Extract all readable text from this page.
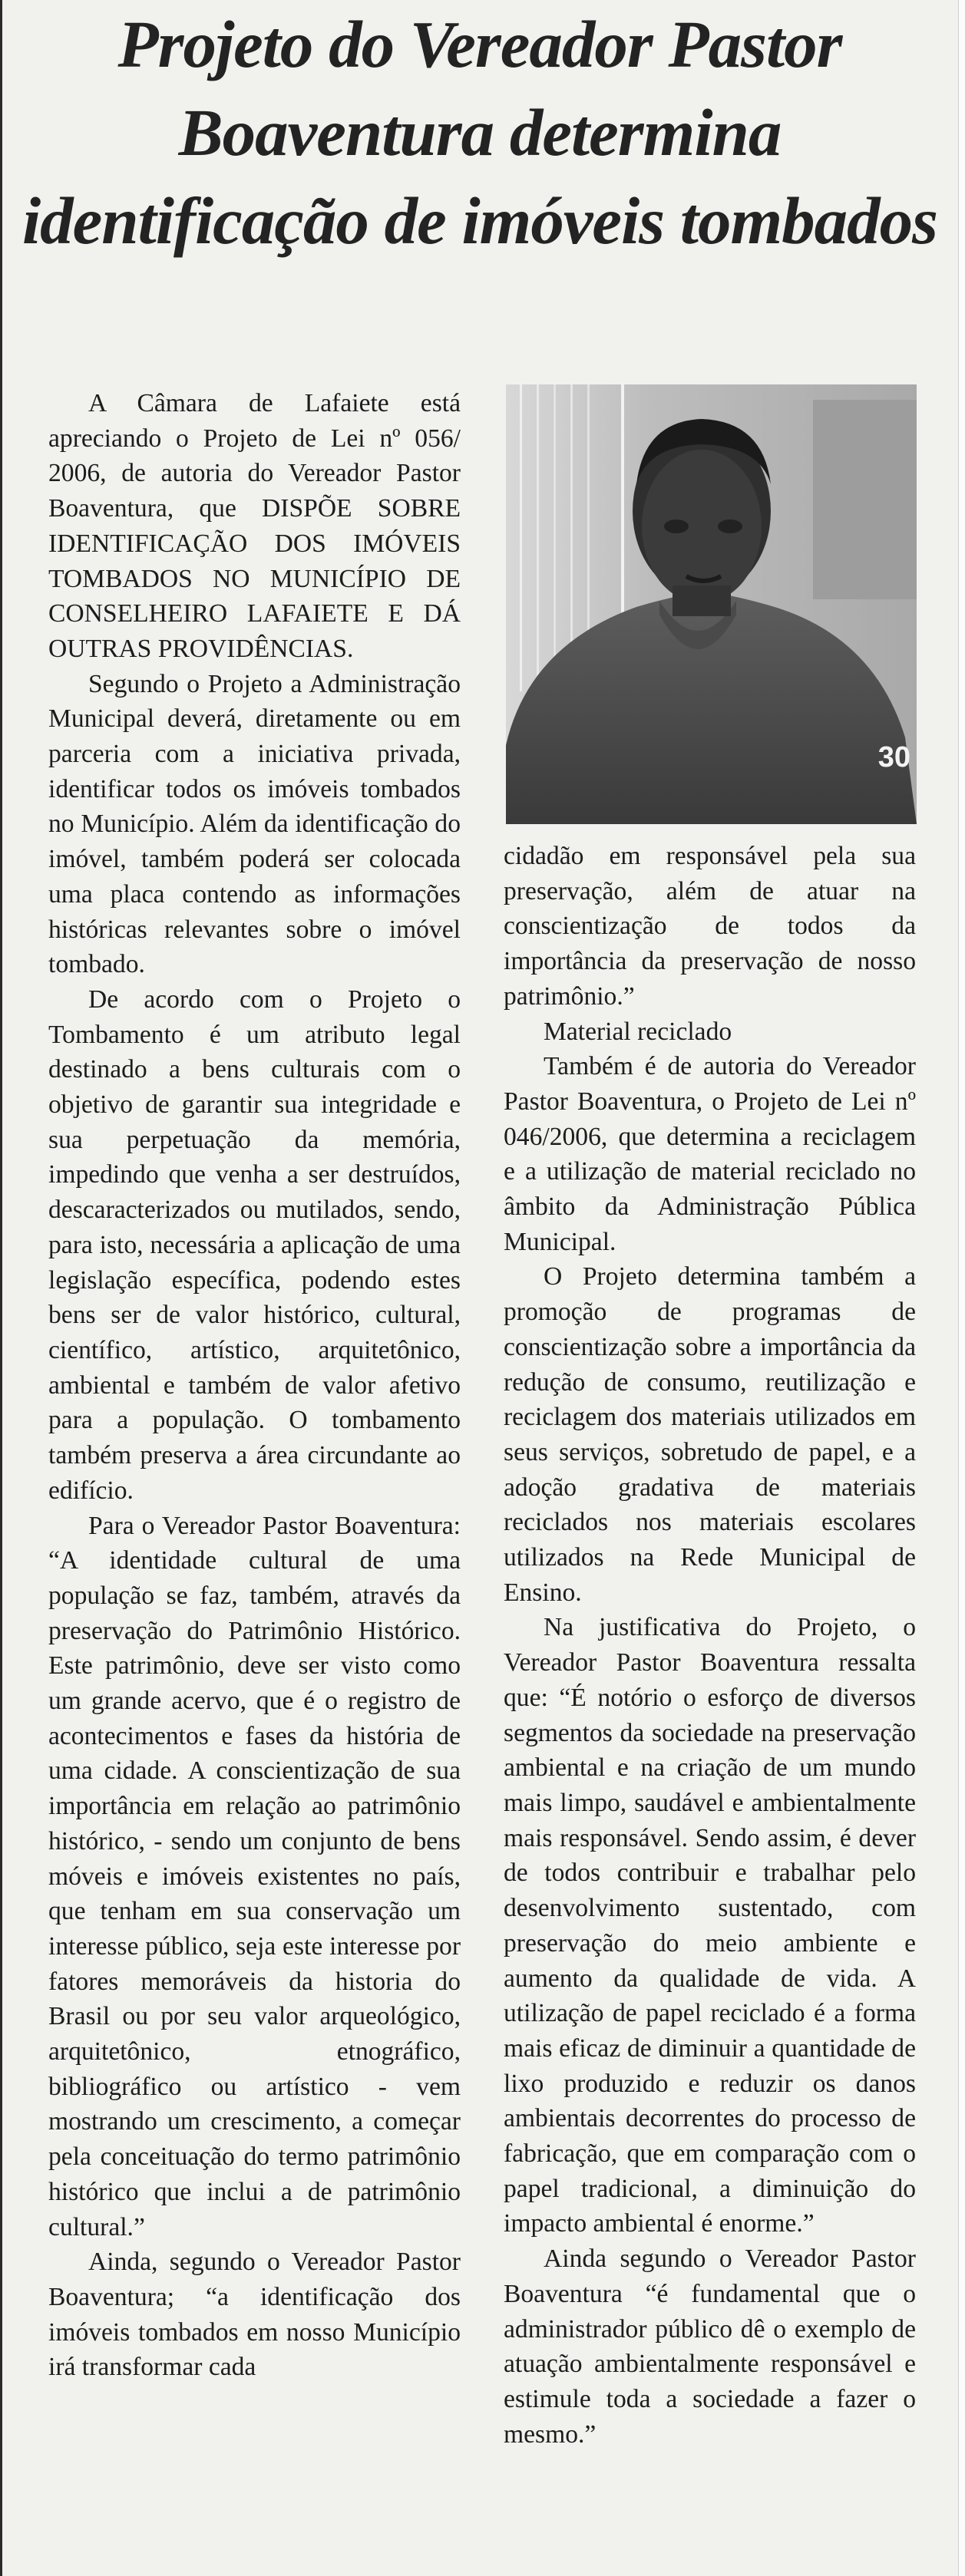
Projeto do Vereador Pastor Boaventura determina identificação de imóveis tombados
30

A Câmara de Lafaiete está apreciando o Projeto de Lei nº 056/ 2006, de autoria do Vereador Pastor Boaventura, que DISPÕE SOBRE IDENTIFICAÇÃO DOS IMÓVEIS TOMBADOS NO MUNICÍPIO DE CONSELHEIRO LAFAIETE E DÁ OUTRAS PROVIDÊNCIAS.

Segundo o Projeto a Administração Municipal deverá, diretamente ou em parceria com a iniciativa privada, identificar todos os imóveis tombados no Município. Além da identificação do imóvel, também poderá ser colocada uma placa contendo as informações históricas relevantes sobre o imóvel tombado.

De acordo com o Projeto o Tombamento é um atributo legal destinado a bens culturais com o objetivo de garantir sua integridade e sua perpetuação da memória, impedindo que venha a ser destruídos, descaracterizados ou mutilados, sendo, para isto, necessária a aplicação de uma legislação específica, podendo estes bens ser de valor histórico, cultural, científico, artístico, arquitetônico, ambiental e também de valor afetivo para a população. O tombamento também preserva a área circundante ao edifício.

Para o Vereador Pastor Boaventura: “A identidade cultural de uma população se faz, também, através da preservação do Patrimônio Histórico. Este patrimônio, deve ser visto como um grande acervo, que é o registro de acontecimentos e fases da história de uma cidade. A conscientização de sua importância em relação ao patrimônio histórico, - sendo um conjunto de bens móveis e imóveis existentes no país, que tenham em sua conservação um interesse público, seja este interesse por fatores memoráveis da historia do Brasil ou por seu valor arqueológico, arquitetônico, etnográfico, bibliográfico ou artístico - vem mostrando um crescimento, a começar pela conceituação do termo patrimônio histórico que inclui a de patrimônio cultural.”

Ainda, segundo o Vereador Pastor Boaventura; “a identificação dos imóveis tombados em nosso Município irá transformar cada

cidadão em responsável pela sua preservação, além de atuar na conscientização de todos da importância da preservação de nosso patrimônio.”

Material reciclado

Também é de autoria do Vereador Pastor Boaventura, o Projeto de Lei nº 046/2006, que determina a reciclagem e a utilização de material reciclado no âmbito da Administração Pública Municipal.

O Projeto determina também a promoção de programas de conscientização sobre a importância da redução de consumo, reutilização e reciclagem dos materiais utilizados em seus serviços, sobretudo de papel, e a adoção gradativa de materiais reciclados nos materiais escolares utilizados na Rede Municipal de Ensino.

Na justificativa do Projeto, o Vereador Pastor Boaventura ressalta que: “É notório o esforço de diversos segmentos da sociedade na preservação ambiental e na criação de um mundo mais limpo, saudável e ambientalmente mais responsável. Sendo assim, é dever de todos contribuir e trabalhar pelo desenvolvimento sustentado, com preservação do meio ambiente e aumento da qualidade de vida. A utilização de papel reciclado é a forma mais eficaz de diminuir a quantidade de lixo produzido e reduzir os danos ambientais decorrentes do processo de fabricação, que em comparação com o papel tradicional, a diminuição do impacto ambiental é enorme.”

Ainda segundo o Vereador Pastor Boaventura “é fundamental que o administrador público dê o exemplo de atuação ambientalmente responsável e estimule toda a sociedade a fazer o mesmo.”
